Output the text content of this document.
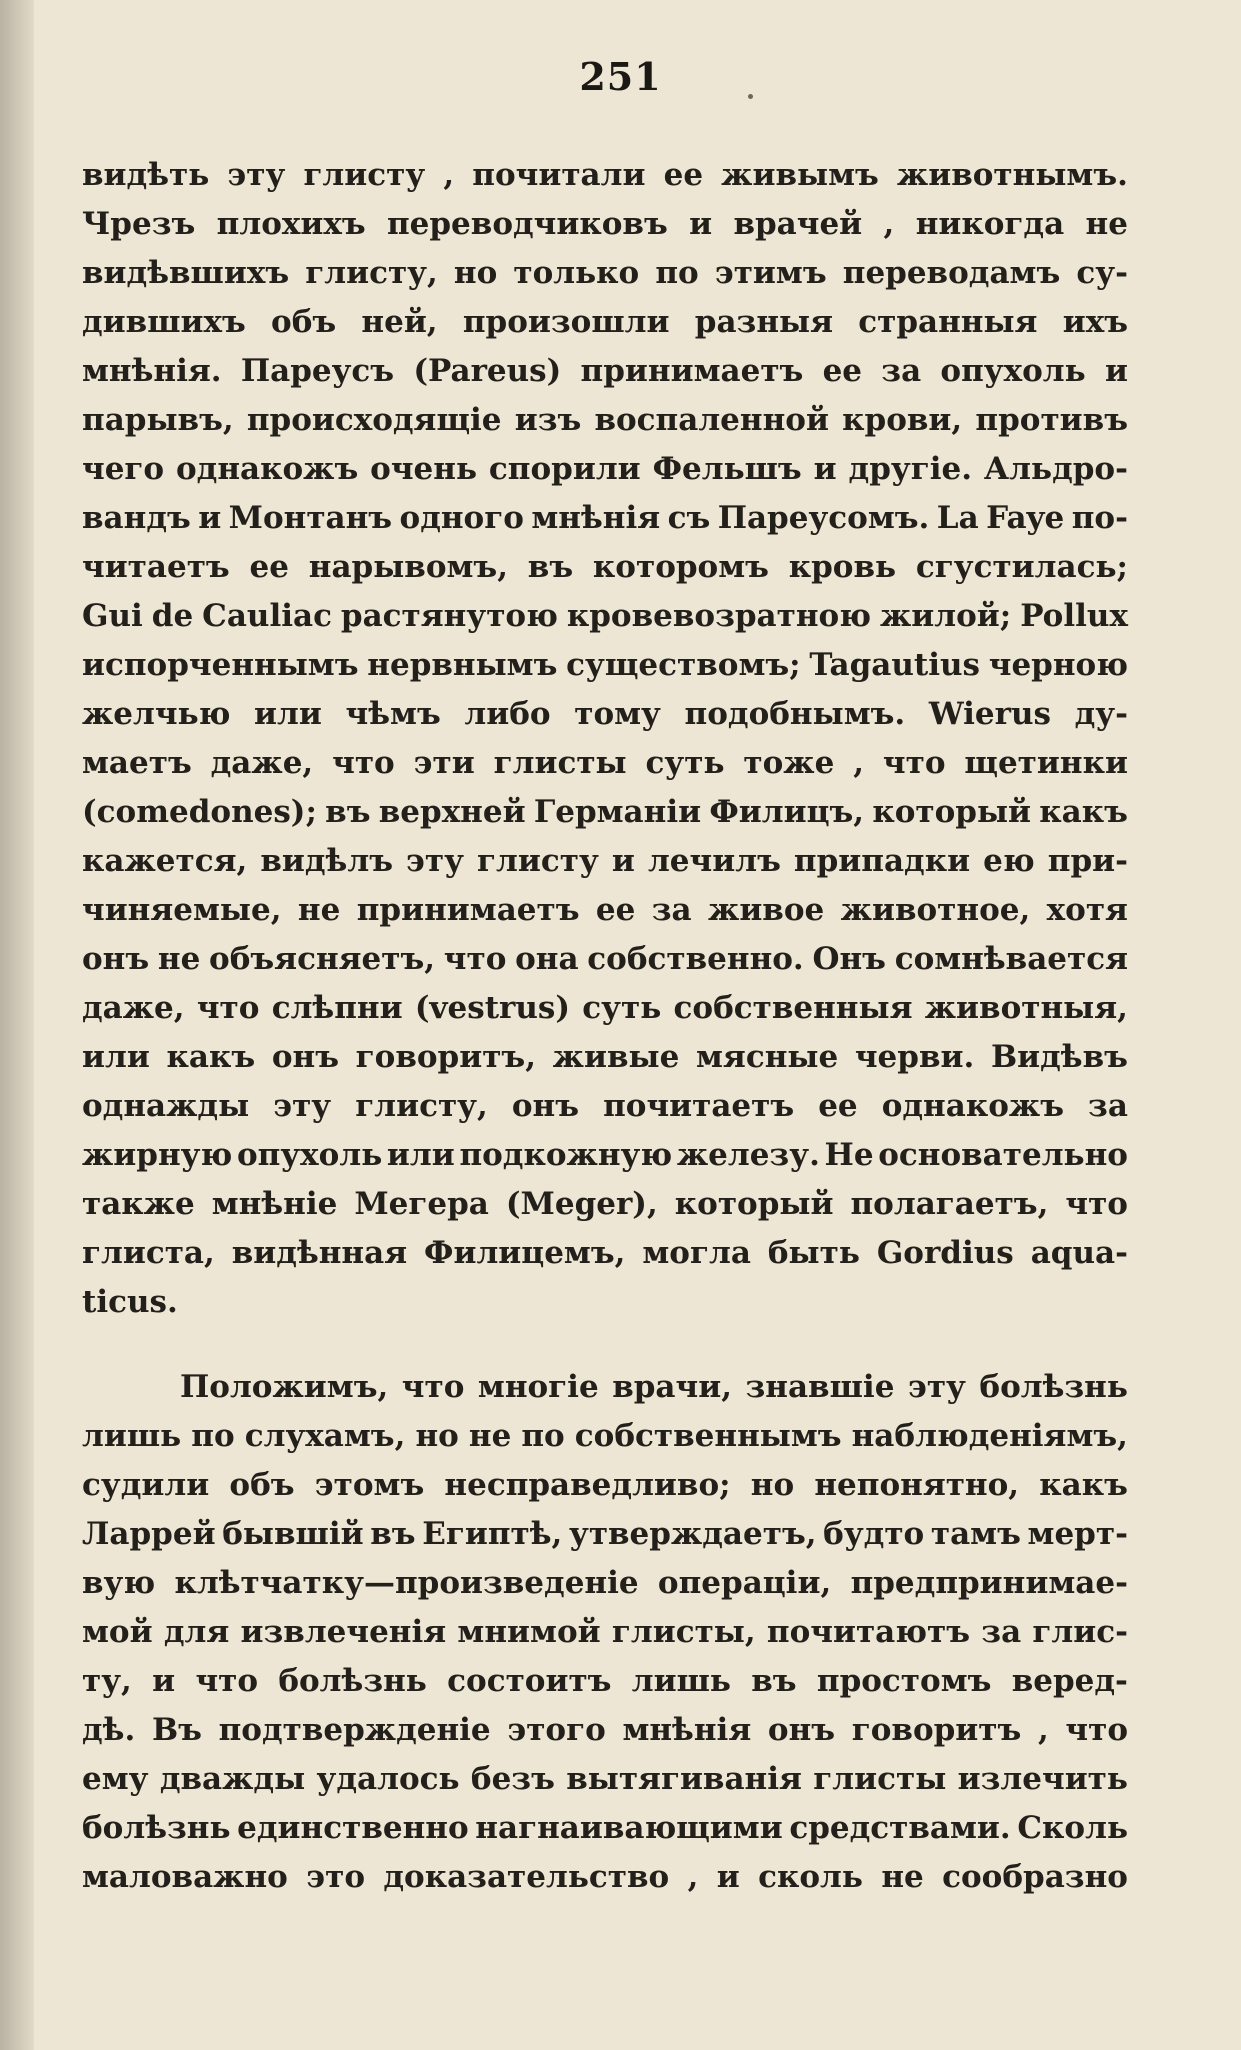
251
видѣть эту глисту , почитали ее живымъ животнымъ.
Чрезъ плохихъ переводчиковъ и врачей , никогда не
видѣвшихъ глисту, но только по этимъ переводамъ су-
дившихъ объ ней, произошли разныя странныя ихъ
мнѣнія. Пареусъ (Pareus) принимаетъ ее за опухоль и
парывъ, происходящіе изъ воспаленной крови, противъ
чего однакожъ очень спорили Фельшъ и другіе. Альдро-
вандъ и Монтанъ одного мнѣнія съ Пареусомъ. La Faye по-
читаетъ ее нарывомъ, въ которомъ кровь сгустилась;
Gui de Cauliac растянутою кровевозратною жилой; Pollux
испорченнымъ нервнымъ существомъ; Tagautius черною
желчью или чѣмъ либо тому подобнымъ. Wierus ду-
маетъ даже, что эти глисты суть тоже , что щетинки
(comedones); въ верхней Германіи Филицъ, который какъ
кажется, видѣлъ эту глисту и лечилъ припадки ею при-
чиняемые, не принимаетъ ее за живое животное, хотя
онъ не объясняетъ, что она собственно. Онъ сомнѣвается
даже, что слѣпни (vestrus) суть собственныя животныя,
или какъ онъ говоритъ, живые мясные черви. Видѣвъ
однажды эту глисту, онъ почитаетъ ее однакожъ за
жирную опухоль или подкожную железу. Не основательно
также мнѣніе Мегера (Meger), который полагаетъ, что
глиста, видѣнная Филицемъ, могла быть Gordius aqua-
ticus.
Положимъ, что многіе врачи, знавшіе эту болѣзнь
лишь по слухамъ, но не по собственнымъ наблюденіямъ,
судили объ этомъ несправедливо; но непонятно, какъ
Ларрей бывшій въ Египтѣ, утверждаетъ, будто тамъ мерт-
вую клѣтчатку—произведеніе операціи, предпринимае-
мой для извлеченія мнимой глисты, почитаютъ за глис-
ту, и что болѣзнь состоитъ лишь въ простомъ веред-
дѣ. Въ подтвержденіе этого мнѣнія онъ говоритъ , что
ему дважды удалось безъ вытягиванія глисты излечить
болѣзнь единственно нагнаивающими средствами. Сколь
маловажно это доказательство , и сколь не сообразно
